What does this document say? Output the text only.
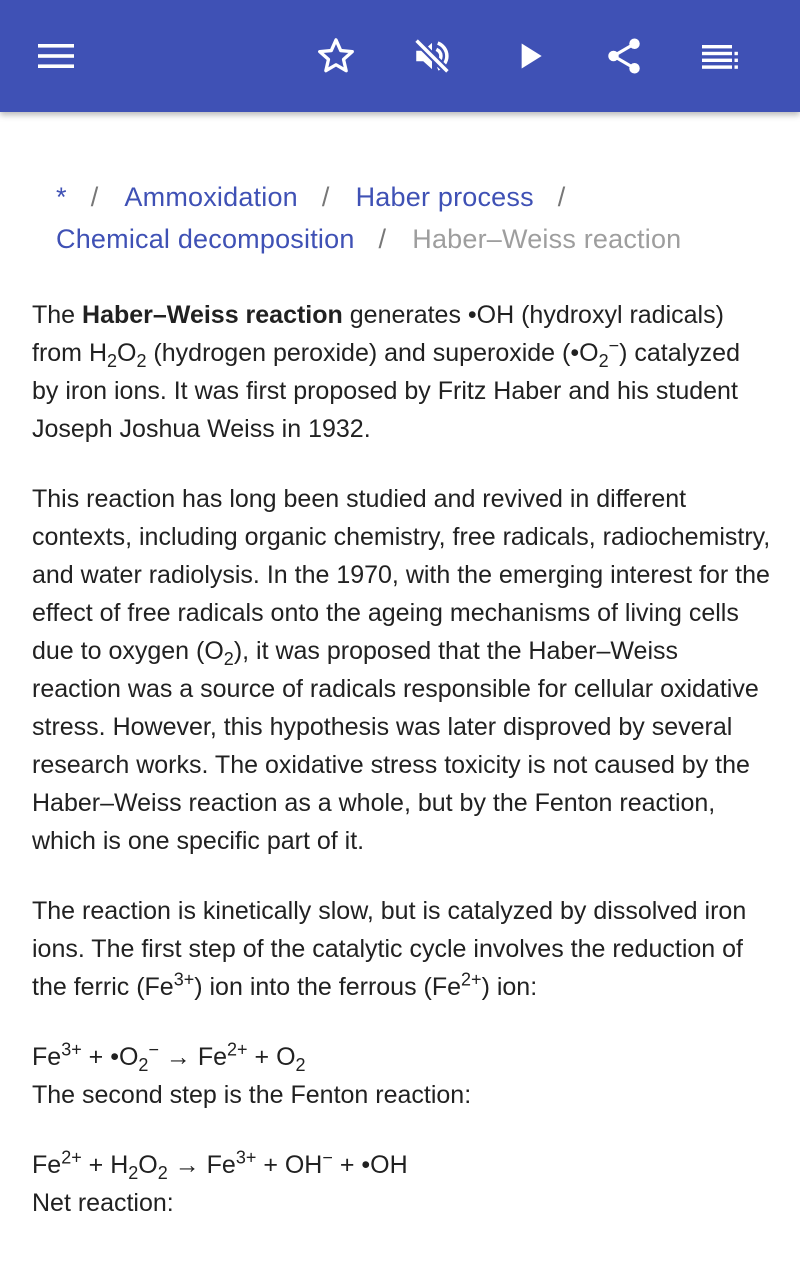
* / Ammoxidation / Haber process /
Chemical decomposition / Haber–Weiss reaction

The Haber–Weiss reaction generates •OH (hydroxyl radicals) from $H_2O_2$ (hydrogen peroxide) and superoxide $(•O_2^-)$ catalyzed by iron ions. It was first proposed by Fritz Haber and his student Joseph Joshua Weiss in 1932.

This reaction has long been studied and revived in different contexts, including organic chemistry, free radicals, radiochemistry, and water radiolysis. In the 1970, with the emerging interest for the effect of free radicals onto the ageing mechanisms of living cells due to oxygen $(O_2)$, it was proposed that the Haber–Weiss reaction was a source of radicals responsible for cellular oxidative stress. However, this hypothesis was later disproved by several research works. The oxidative stress toxicity is not caused by the Haber–Weiss reaction as a whole, but by the Fenton reaction, which is one specific part of it.

The reaction is kinetically slow, but is catalyzed by dissolved iron ions. The first step of the catalytic cycle involves the reduction of the ferric $(Fe^{3+})$ ion into the ferrous $(Fe^{2+})$ ion:

$Fe^{3+}$ + $•O_2^- \to Fe^{2+} + O_2$
The second step is the Fenton reaction:
$Fe^{2+} + H_2O_2 \to Fe^{3+} + OH^-$ + •OH
Net reaction:
